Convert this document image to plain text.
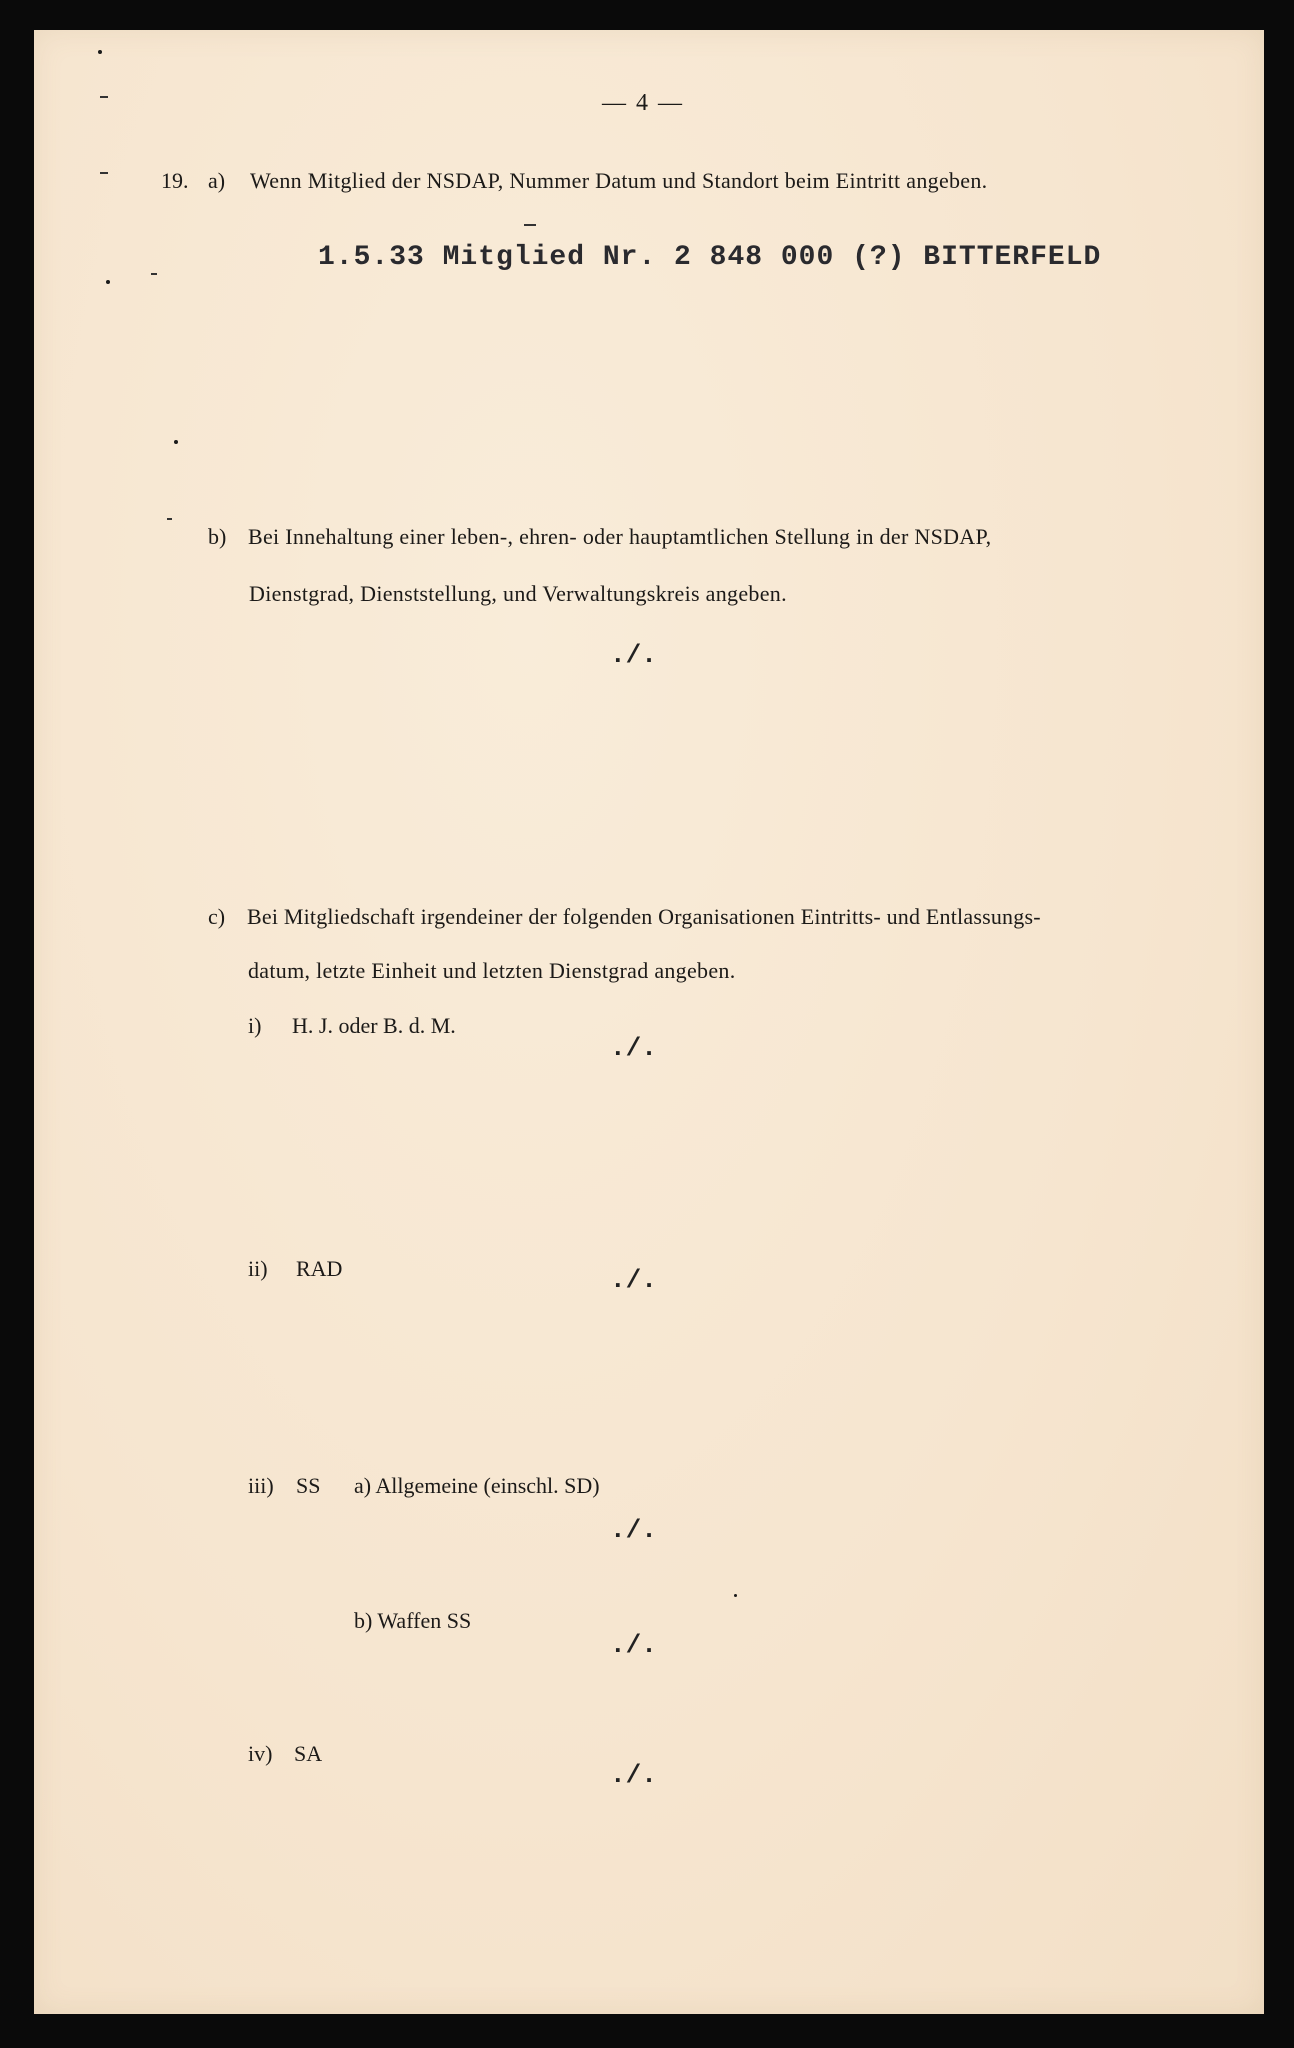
— 4 —

19. a) Wenn Mitglied der NSDAP, Nummer Datum und Standort beim Eintritt angeben.

1.5.33 Mitglied Nr. 2 848 000 (?) BITTERFELD

b) Bei Innehaltung einer leben-, ehren- oder hauptamtlichen Stellung in der NSDAP,

Dienstgrad, Dienststellung, und Verwaltungskreis angeben.

./.

c) Bei Mitgliedschaft irgendeiner der folgenden Organisationen Eintritts- und Entlassungs-

datum, letzte Einheit und letzten Dienstgrad angeben.

i) H. J. oder B. d. M.

./.

ii) RAD	./.

iii) SS a) Allgemeine (einschl. SD)

./.

b) Waffen SS

./.

iv) SA

./.
